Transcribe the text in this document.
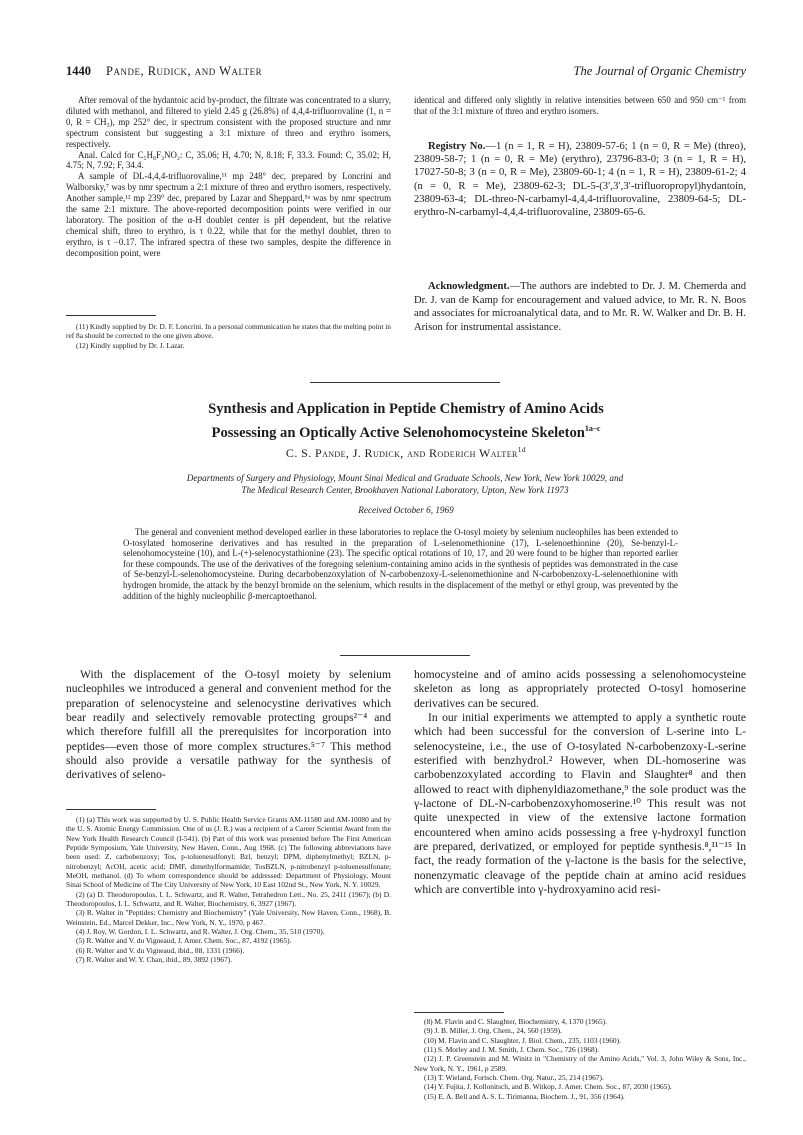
1440 Pande, Rudick, and Walter	The Journal of Organic Chemistry

After removal of the hydantoic acid by-product, the filtrate was concentrated to a slurry, diluted with methanol, and filtered to yield 2.45 g (26.8%) of 4,4,4-trifluorovaline (1, n = 0, R = CH₃), mp 252° dec, ir spectrum consistent with the proposed structure and nmr spectrum consistent but suggesting a 3:1 mixture of threo and erythro isomers, respectively.

Anal. Calcd for C₅H₈F₃NO₂: C, 35.06; H, 4.70; N, 8.18; F, 33.3. Found: C, 35.02; H, 4.75; N, 7.92; F, 34.4.

A sample of DL-4,4,4-trifluorovaline,¹¹ mp 248° dec, prepared by Loncrini and Walborsky,⁷ was by nmr spectrum a 2:1 mixture of threo and erythro isomers, respectively. Another sample,¹² mp 239° dec, prepared by Lazar and Sheppard,⁵ᵃ was by nmr spectrum the same 2:1 mixture. The above-reported decomposition points were verified in our laboratory. The position of the α-H doublet center is pH dependent, but the relative chemical shift, threo to erythro, is τ 0.22, while that for the methyl doublet, threo to erythro, is τ −0.17. The infrared spectra of these two samples, despite the difference in decomposition point, were

(11) Kindly supplied by Dr. D. F. Loncrini. In a personal communication he states that the melting point in ref 8a should be corrected to the one given above.

(12) Kindly supplied by Dr. J. Lazar.

identical and differed only slightly in relative intensities between 650 and 950 cm⁻¹ from that of the 3:1 mixture of threo and erythro isomers.

Registry No.—1 (n = 1, R = H), 23809-57-6; 1 (n = 0, R = Me) (threo), 23809-58-7; 1 (n = 0, R = Me) (erythro), 23796-83-0; 3 (n = 1, R = H), 17027-50-8; 3 (n = 0, R = Me), 23809-60-1; 4 (n = 1, R = H), 23809-61-2; 4 (n = 0, R = Me), 23809-62-3; DL-5-(3′,3′,3′-trifluoropropyl)hydantoin, 23809-63-4; DL-threo-N-carbamyl-4,4,4-trifluorovaline, 23809-64-5; DL-erythro-N-carbamyl-4,4,4-trifluorovaline, 23809-65-6.

Acknowledgment.—The authors are indebted to Dr. J. M. Chemerda and Dr. J. van de Kamp for encouragement and valued advice, to Mr. R. N. Boos and associates for microanalytical data, and to Mr. R. W. Walker and Dr. B. H. Arison for instrumental assistance.

Synthesis and Application in Peptide Chemistry of Amino Acids
Possessing an Optically Active Selenohomocysteine Skeleton$^{1a-c}$
C. S. Pande, J. Rudick, and Roderich Walter$^{1d}$
Departments of Surgery and Physiology, Mount Sinai Medical and Graduate Schools, New York, New York 10029, and
The Medical Research Center, Brookhaven National Laboratory, Upton, New York 11973
Received October 6, 1969

The general and convenient method developed earlier in these laboratories to replace the O-tosyl moiety by selenium nucleophiles has been extended to O-tosylated homoserine derivatives and has resulted in the preparation of L-selenomethionine (17), L-selenoethionine (20), Se-benzyl-L-selenohomocysteine (10), and L-(+)-selenocystathionine (23). The specific optical rotations of 10, 17, and 20 were found to be higher than reported earlier for these compounds. The use of the derivatives of the foregoing selenium-containing amino acids in the synthesis of peptides was demonstrated in the case of Se-benzyl-L-selenohomocysteine. During decarbobenzoxylation of N-carbobenzoxy-L-selenomethionine and N-carbobenzoxy-L-selenoethionine with hydrogen bromide, the attack by the benzyl bromide on the selenium, which results in the displacement of the methyl or ethyl group, was prevented by the addition of the highly nucleophilic β-mercaptoethanol.

With the displacement of the O-tosyl moiety by selenium nucleophiles we introduced a general and convenient method for the preparation of selenocysteine and selenocystine derivatives which bear readily and selectively removable protecting groups²⁻⁴ and which therefore fulfill all the prerequisites for incorporation into peptides—even those of more complex structures.⁵⁻⁷ This method should also provide a versatile pathway for the synthesis of derivatives of seleno-

(1) (a) This work was supported by U. S. Public Health Service Grants AM-11580 and AM-10080 and by the U. S. Atomic Energy Commission. One of us (J. R.) was a recipient of a Career Scientist Award from the New York Health Research Council (I-541). (b) Part of this work was presented before The First American Peptide Symposium, Yale University, New Haven, Conn., Aug 1968. (c) The following abbreviations have been used: Z, carbobenzoxy; Tos, p-toluenesulfonyl; Bzl, benzyl; DPM, diphenylmethyl; BZLN, p-nitrobenzyl; AcOH, acetic acid; DMF, dimethylformamide; TosBZLN, p-nitrobenzyl p-toluenesulfonate; MeOH, methanol. (d) To whom correspondence should be addressed: Department of Physiology, Mount Sinai School of Medicine of The City University of New York, 10 East 102nd St., New York, N. Y. 10029.

(2) (a) D. Theodoropoulos, I. L. Schwartz, and R. Walter, Tetrahedron Lett., No. 25, 2411 (1967); (b) D. Theodoropoulos, I. L. Schwartz, and R. Walter, Biochemistry, 6, 3927 (1967).

(3) R. Walter in "Peptides: Chemistry and Biochemistry" (Yale University, New Haven, Conn., 1968), B. Weinstein, Ed., Marcel Dekker, Inc., New York, N. Y., 1970, p 467.

(4) J. Roy, W. Gordon, I. L. Schwartz, and R. Walter, J. Org. Chem., 35, 510 (1970).

(5) R. Walter and V. du Vigneaud, J. Amer. Chem. Soc., 87, 4192 (1965).

(6) R. Walter and V. du Vigneaud, ibid., 88, 1331 (1966).

(7) R. Walter and W. Y. Chan, ibid., 89, 3892 (1967).

homocysteine and of amino acids possessing a selenohomocysteine skeleton as long as appropriately protected O-tosyl homoserine derivatives can be secured.

In our initial experiments we attempted to apply a synthetic route which had been successful for the conversion of L-serine into L-selenocysteine, i.e., the use of O-tosylated N-carbobenzoxy-L-serine esterified with benzhydrol.² However, when DL-homoserine was carbobenzoxylated according to Flavin and Slaughter⁸ and then allowed to react with diphenyldiazomethane,⁹ the sole product was the γ-lactone of DL-N-carbobenzoxyhomoserine.¹⁰ This result was not quite unexpected in view of the extensive lactone formation encountered when amino acids possessing a free γ-hydroxyl function are prepared, derivatized, or employed for peptide synthesis.⁸,¹¹⁻¹⁵ In fact, the ready formation of the γ-lactone is the basis for the selective, nonenzymatic cleavage of the peptide chain at amino acid residues which are convertible into γ-hydroxyamino acid resi-

(8) M. Flavin and C. Slaughter, Biochemistry, 4, 1370 (1965).

(9) J. B. Miller, J. Org. Chem., 24, 560 (1959).

(10) M. Flavin and C. Slaughter, J. Biol. Chem., 235, 1103 (1960).

(11) S. Morley and J. M. Smith, J. Chem. Soc., 726 (1968).

(12) J. P. Greenstein and M. Winitz in "Chemistry of the Amino Acids," Vol. 3, John Wiley & Sons, Inc., New York, N. Y., 1961, p 2589.

(13) T. Wieland, Fortsch. Chem. Org. Natur., 25, 214 (1967).

(14) Y. Fujita, J. Kollonitsch, and B. Witkop, J. Amer. Chem. Soc., 87, 2030 (1965).

(15) E. A. Bell and A. S. L. Tirimanna, Biochem. J., 91, 356 (1964).
